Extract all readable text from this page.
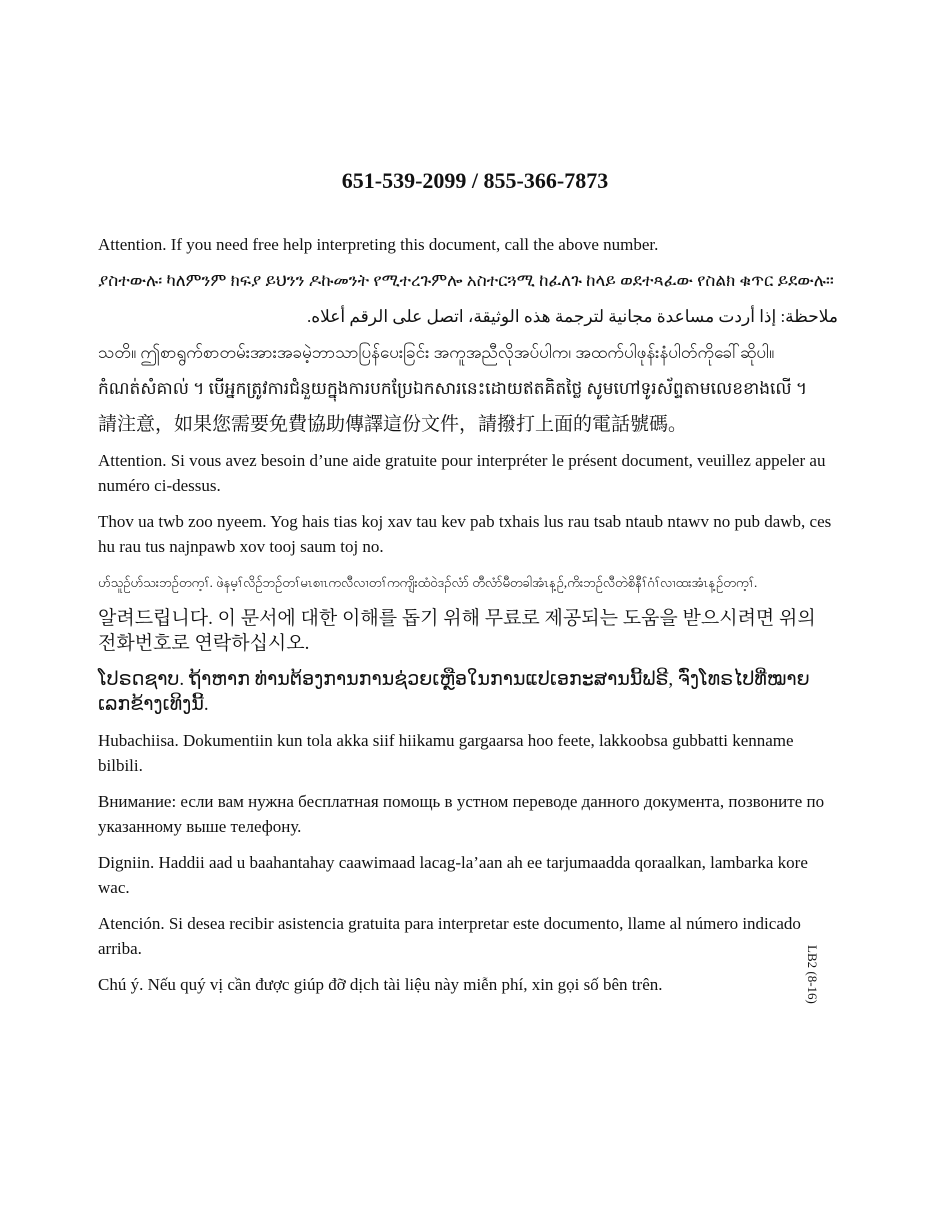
651-539-2099 / 855-366-7873

Attention. If you need free help interpreting this document, call the above number.

ያስተውሉ፡ ካለምንም ክፍያ ይህንን ዶኩመንት የሚተረጉምሎ አስተርጓሚ ከፈለጉ ከላይ ወደተጻፈው የስልክ ቁጥር ይደውሉ።

ملاحظة: إذا أردت مساعدة مجانية لترجمة هذه الوثيقة، اتصل على الرقم أعلاه.

သတိ။ ဤစာရွက်စာတမ်းအားအခမဲ့ဘာသာပြန်ပေးခြင်း အကူအညီလိုအပ်ပါက၊ အထက်ပါဖုန်းနံပါတ်ကိုခေါ်ဆိုပါ။

កំណត់សំគាល់ ។ បើអ្នកត្រូវការជំនួយក្នុងការបកប្រែឯកសារនេះដោយឥតគិតថ្លៃ សូមហៅទូរស័ព្ទតាមលេខខាងលើ ។

請注意，如果您需要免費協助傳譯這份文件，請撥打上面的電話號碼。

Attention. Si vous avez besoin d’une aide gratuite pour interpréter le présent document, veuillez appeler au numéro ci-dessus.

Thov ua twb zoo nyeem. Yog hais tias koj xav tau kev pab txhais lus rau tsab ntaub ntawv no pub dawb, ces hu rau tus najnpawb xov tooj saum toj no.

ဟ်သူဉ်ဟ်သးဘဉ်တက့ၢ်. ဖဲနမ့ၢ်လိဉ်ဘဉ်တၢ်မၤစၢၤကလီလၢတၢ်ကကျိးထံဝဲဒၣ်လံာ် တီလံာ်မီတခါအံၤန့ဉ်,ကိးဘဉ်လီတဲစိနီၢ်ဂံၢ်လၢထးအံၤန့ဉ်တက့ၢ်.

알려드립니다. 이 문서에 대한 이해를 돕기 위해 무료로 제공되는 도움을 받으시려면 위의 전화번호로 연락하십시오.

ໂປຣດຊາບ. ຖ້າຫາກ ທ່ານຕ້ອງການການຊ່ວຍເຫຼືອໃນການແປເອກະສານນີ້ຟຣີ, ຈົ່ງໂທຣໄປທີ່ໝາຍເລກຂ້າງເທິງນີ້.

Hubachiisa. Dokumentiin kun tola akka siif hiikamu gargaarsa hoo feete, lakkoobsa gubbatti kenname bilbili.

Внимание: если вам нужна бесплатная помощь в устном переводе данного документа, позвоните по указанному выше телефону.

Digniin. Haddii aad u baahantahay caawimaad lacag-la’aan ah ee tarjumaadda qoraalkan, lambarka kore wac.

Atención. Si desea recibir asistencia gratuita para interpretar este documento, llame al número indicado arriba.

Chú ý. Nếu quý vị cần được giúp đỡ dịch tài liệu này miễn phí, xin gọi số bên trên.	LB2 (8-16)
